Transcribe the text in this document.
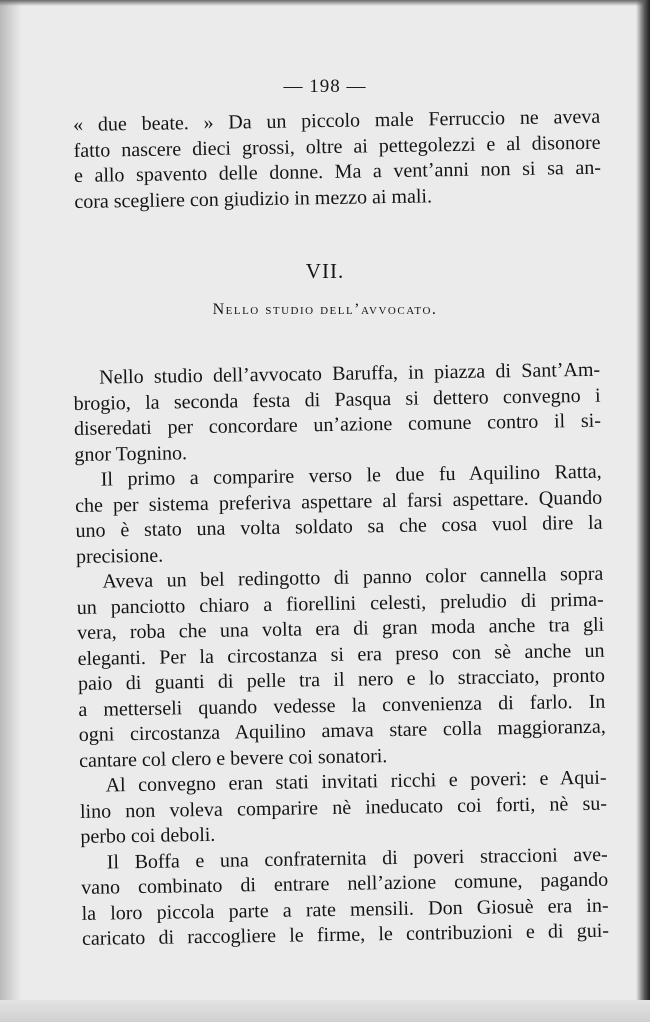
— 198 —
« due beate. » Da un piccolo male Ferruccio ne aveva
fatto nascere dieci grossi, oltre ai pettegolezzi e al disonore
e allo spavento delle donne. Ma a vent’anni non si sa an-
cora scegliere con giudizio in mezzo ai mali.
VII.
Nello studio dell’avvocato.
Nello studio dell’avvocato Baruffa, in piazza di Sant’Am-
brogio, la seconda festa di Pasqua si dettero convegno i
diseredati per concordare un’azione comune contro il si-
gnor Tognino.
Il primo a comparire verso le due fu Aquilino Ratta,
che per sistema preferiva aspettare al farsi aspettare. Quando
uno è stato una volta soldato sa che cosa vuol dire la
precisione.
Aveva un bel redingotto di panno color cannella sopra
un panciotto chiaro a fiorellini celesti, preludio di prima-
vera, roba che una volta era di gran moda anche tra gli
eleganti. Per la circostanza si era preso con sè anche un
paio di guanti di pelle tra il nero e lo stracciato, pronto
a metterseli quando vedesse la convenienza di farlo. In
ogni circostanza Aquilino amava stare colla maggioranza,
cantare col clero e bevere coi sonatori.
Al convegno eran stati invitati ricchi e poveri: e Aqui-
lino non voleva comparire nè ineducato coi forti, nè su-
perbo coi deboli.
Il Boffa e una confraternita di poveri straccioni ave-
vano combinato di entrare nell’azione comune, pagando
la loro piccola parte a rate mensili. Don Giosuè era in-
caricato di raccogliere le firme, le contribuzioni e di gui-
